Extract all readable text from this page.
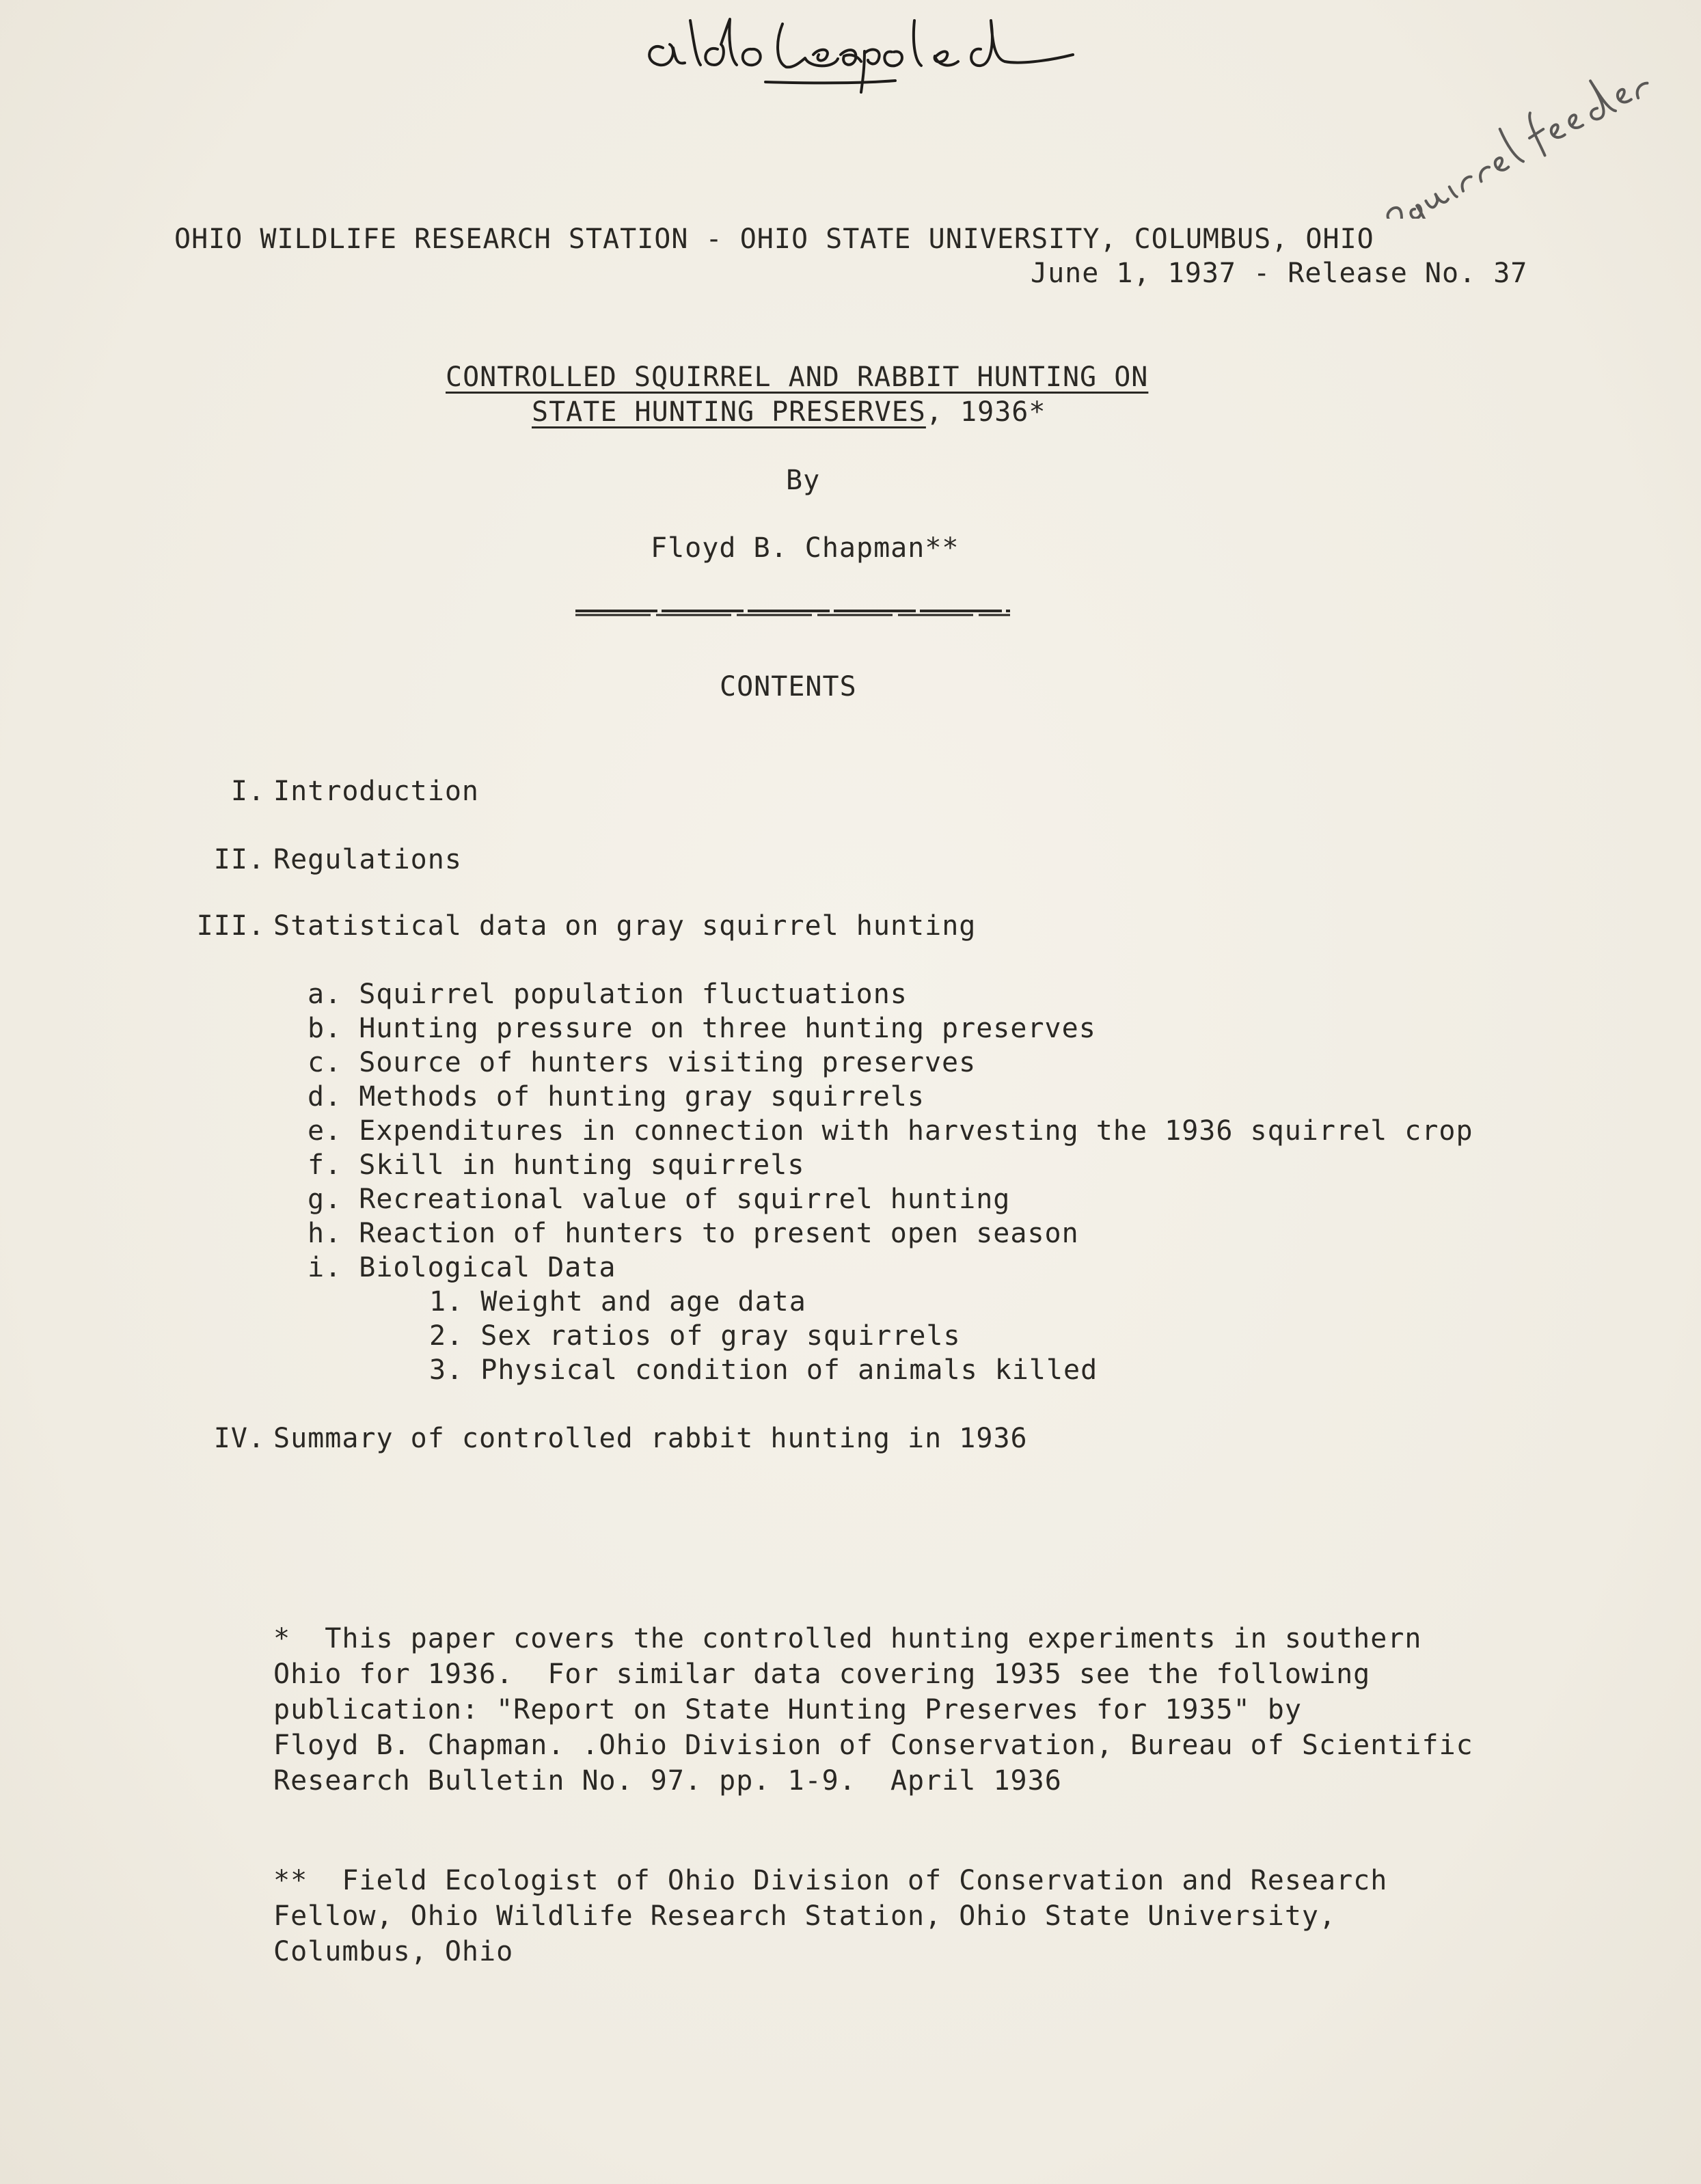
OHIO WILDLIFE RESEARCH STATION - OHIO STATE UNIVERSITY, COLUMBUS, OHIO
June 1, 1937 - Release No. 37
CONTROLLED SQUIRREL AND RABBIT HUNTING ON
STATE HUNTING PRESERVES, 1936*
By
Floyd B. Chapman**
CONTENTS
I. Introduction
II. Regulations
III. Statistical data on gray squirrel hunting
a. Squirrel population fluctuations
b. Hunting pressure on three hunting preserves
c. Source of hunters visiting preserves
d. Methods of hunting gray squirrels
e. Expenditures in connection with harvesting the 1936 squirrel crop
f. Skill in hunting squirrels
g. Recreational value of squirrel hunting
h. Reaction of hunters to present open season
i. Biological Data
1. Weight and age data
2. Sex ratios of gray squirrels
3. Physical condition of animals killed
IV. Summary of controlled rabbit hunting in 1936
*  This paper covers the controlled hunting experiments in southern
Ohio for 1936.  For similar data covering 1935 see the following
publication: "Report on State Hunting Preserves for 1935" by
Floyd B. Chapman. .Ohio Division of Conservation, Bureau of Scientific
Research Bulletin No. 97. pp. 1-9.  April 1936
**  Field Ecologist of Ohio Division of Conservation and Research
Fellow, Ohio Wildlife Research Station, Ohio State University,
Columbus, Ohio
